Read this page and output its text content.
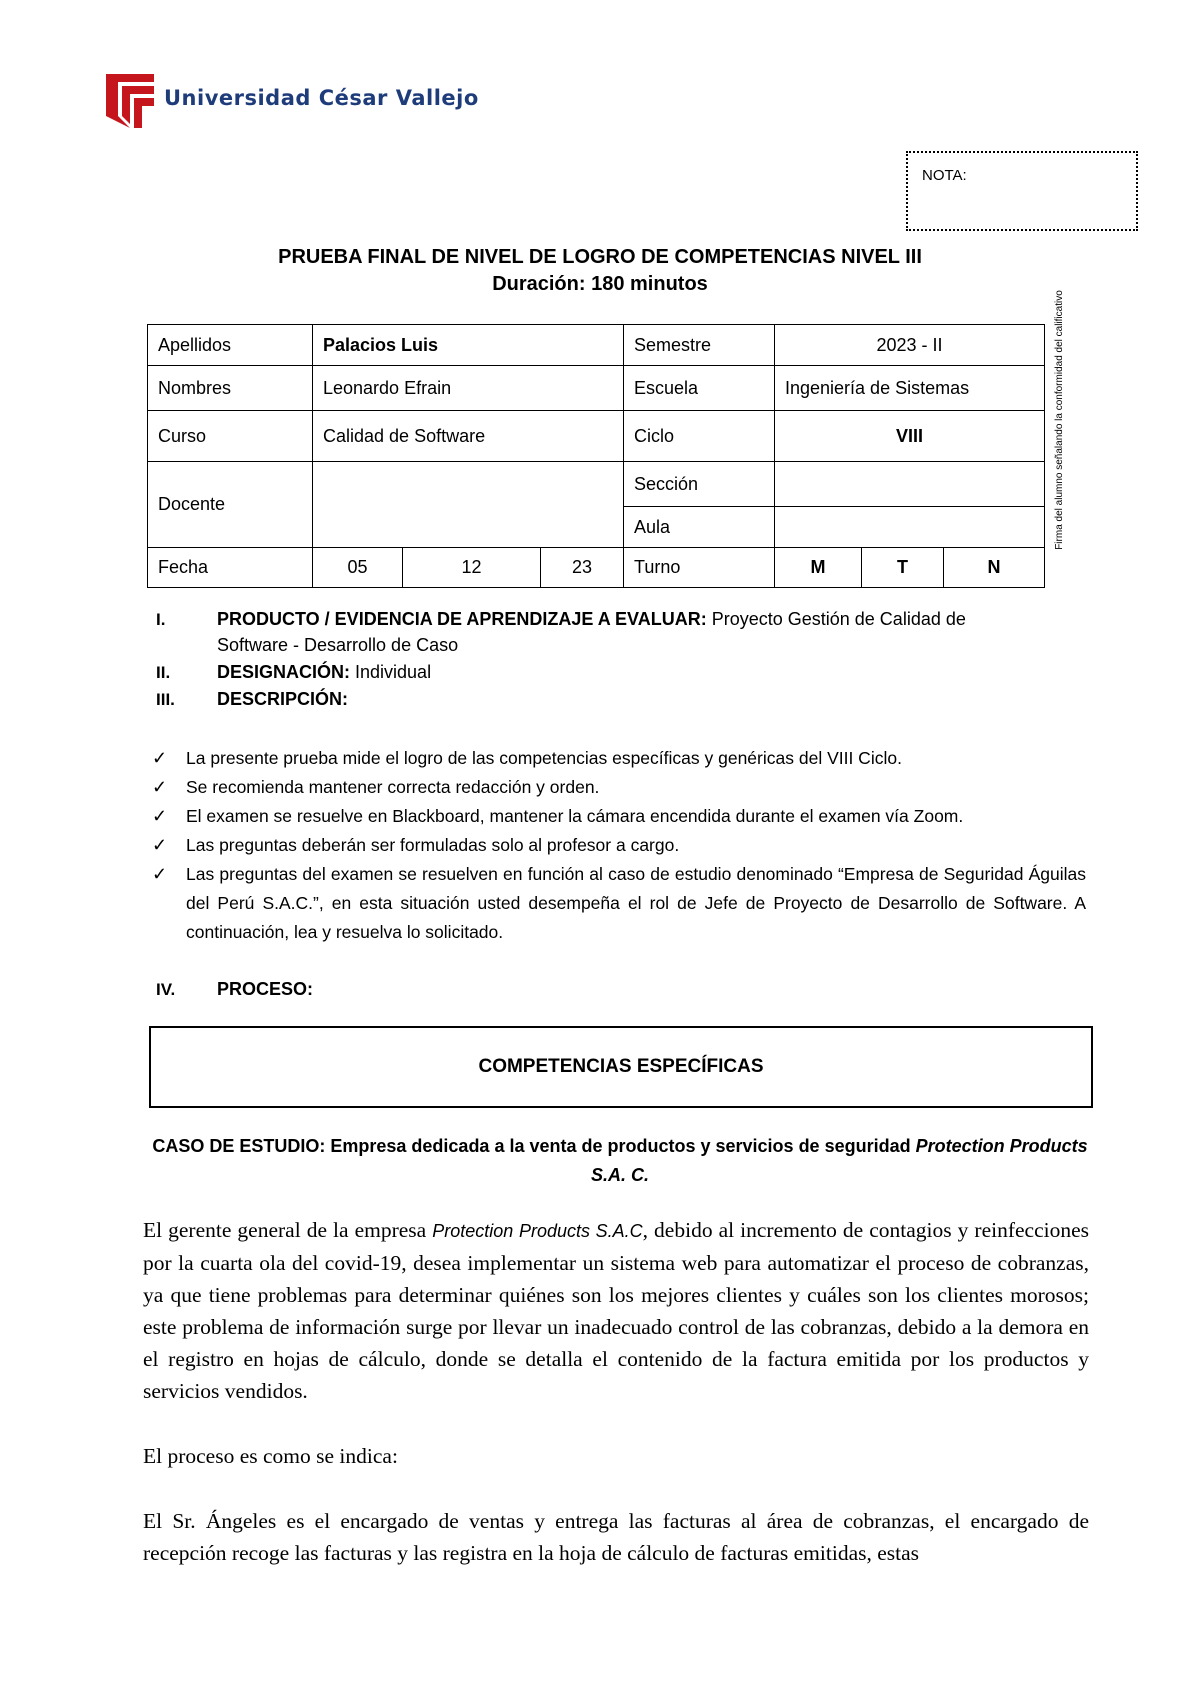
Universidad César Vallejo
NOTA:
PRUEBA FINAL DE NIVEL DE LOGRO DE COMPETENCIAS NIVEL III
Duración: 180 minutos
Apellidos	Palacios Luis			Semestre	2023 - II		
Nombres	Leonardo Efrain			Escuela	Ingeniería de Sistemas		
Curso	Calidad de Software			Ciclo	VIII		
Docente				Sección			
				Aula			
Fecha	05	12	23	Turno	M	T	N
Firma del alumno señalando la conformidad del calificativo
I.	PRODUCTO / EVIDENCIA DE APRENDIZAJE A EVALUAR: Proyecto Gestión de Calidad de Software - Desarrollo de Caso
II.	DESIGNACIÓN: Individual
III. DESCRIPCIÓN:
✓ La presente prueba mide el logro de las competencias específicas y genéricas del VIII Ciclo.
✓ Se recomienda mantener correcta redacción y orden.
✓ El examen se resuelve en Blackboard, mantener la cámara encendida durante el examen vía Zoom.
✓ Las preguntas deberán ser formuladas solo al profesor a cargo.
✓ Las preguntas del examen se resuelven en función al caso de estudio denominado “Empresa de Seguridad Águilas del Perú S.A.C.”, en esta situación usted desempeña el rol de Jefe de Proyecto de Desarrollo de Software. A continuación, lea y resuelva lo solicitado.
IV. PROCESO:
COMPETENCIAS ESPECÍFICAS
CASO DE ESTUDIO: Empresa dedicada a la venta de productos y servicios de seguridad Protection Products S.A. C.
El gerente general de la empresa Protection Products S.A.C, debido al incremento de contagios y reinfecciones por la cuarta ola del covid-19, desea implementar un sistema web para automatizar el proceso de cobranzas, ya que tiene problemas para determinar quiénes son los mejores clientes y cuáles son los clientes morosos; este problema de información surge por llevar un inadecuado control de las cobranzas, debido a la demora en el registro en hojas de cálculo, donde se detalla el contenido de la factura emitida por los productos y servicios vendidos.
El proceso es como se indica:
El Sr. Ángeles es el encargado de ventas y entrega las facturas al área de cobranzas, el encargado de recepción recoge las facturas y las registra en la hoja de cálculo de facturas emitidas, estas
